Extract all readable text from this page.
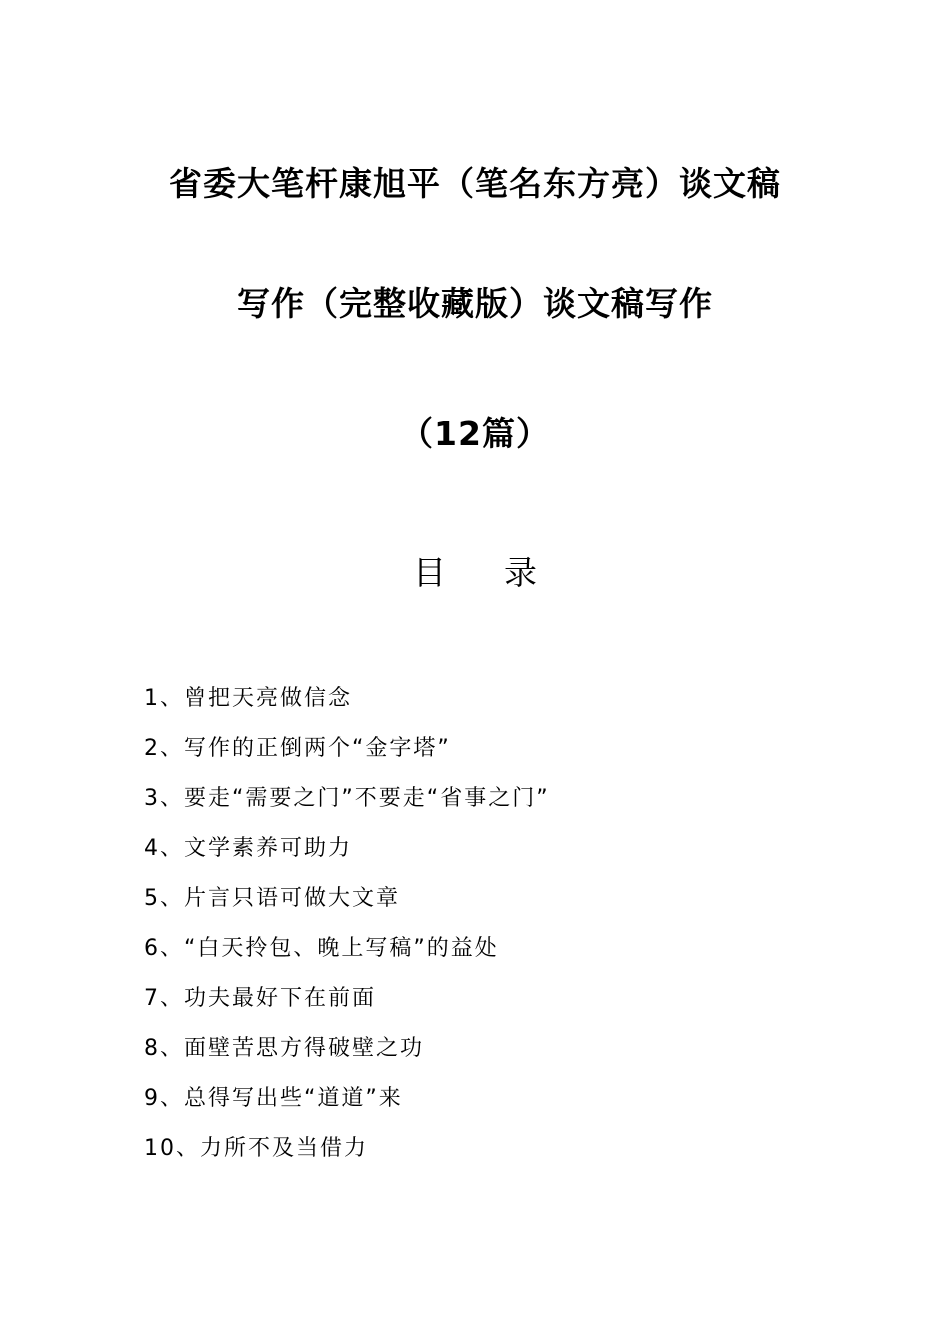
省委大笔杆康旭平（笔名东方亮）谈文稿
写作（完整收藏版）谈文稿写作
（12篇）
目 录
1、曾把天亮做信念
2、写作的正倒两个“金字塔”
3、要走“需要之门”不要走“省事之门”
4、文学素养可助力
5、片言只语可做大文章
6、“白天拎包、晚上写稿”的益处
7、功夫最好下在前面
8、面壁苦思方得破壁之功
9、总得写出些“道道”来
10、力所不及当借力
